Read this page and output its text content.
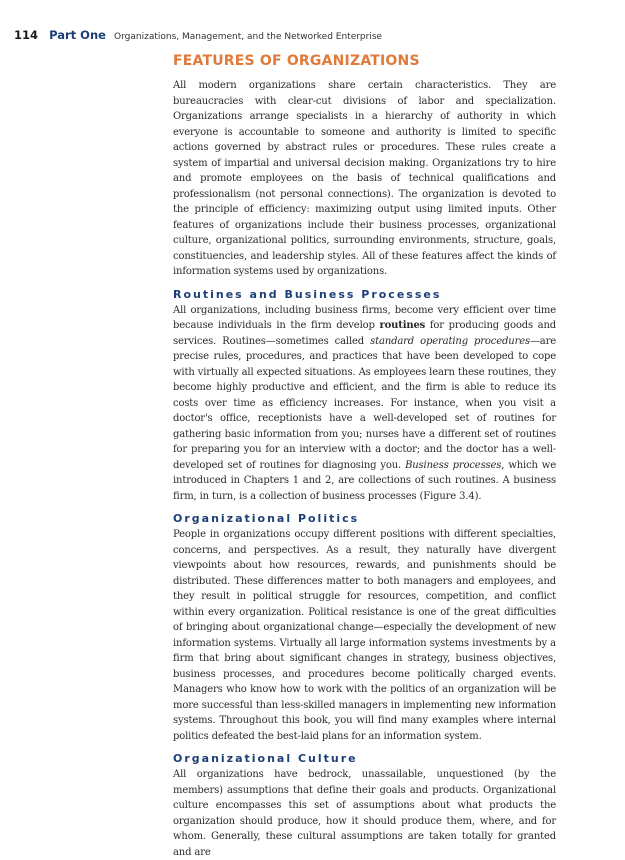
114 Part One Organizations, Management, and the Networked Enterprise
FEATURES OF ORGANIZATIONS

All modern organizations share certain characteristics. They are bureaucracies with clear-cut divisions of labor and specialization. Organizations arrange specialists in a hierarchy of authority in which everyone is accountable to someone and authority is limited to specific actions governed by abstract rules or procedures. These rules create a system of impartial and universal decision making. Organizations try to hire and promote employees on the basis of technical qualifications and professionalism (not personal connections). The organization is devoted to the principle of efficiency: maximizing output using limited inputs. Other features of organizations include their business processes, organizational culture, organizational politics, surrounding environments, structure, goals, constituencies, and leadership styles. All of these features affect the kinds of information systems used by organizations.

Routines and Business Processes

All organizations, including business firms, become very efficient over time because individuals in the firm develop routines for producing goods and services. Routines—sometimes called standard operating procedures—are precise rules, procedures, and practices that have been developed to cope with virtually all expected situations. As employees learn these routines, they become highly productive and efficient, and the firm is able to reduce its costs over time as efficiency increases. For instance, when you visit a doctor's office, receptionists have a well-developed set of routines for gathering basic information from you; nurses have a different set of routines for preparing you for an interview with a doctor; and the doctor has a well-developed set of routines for diagnosing you. Business processes, which we introduced in Chapters 1 and 2, are collections of such routines. A business firm, in turn, is a collection of business processes (Figure 3.4).

Organizational Politics

People in organizations occupy different positions with different specialties, concerns, and perspectives. As a result, they naturally have divergent viewpoints about how resources, rewards, and punishments should be distributed. These differences matter to both managers and employees, and they result in political struggle for resources, competition, and conflict within every organization. Political resistance is one of the great difficulties of bringing about organizational change—especially the development of new information systems. Virtually all large information systems investments by a firm that bring about significant changes in strategy, business objectives, business processes, and procedures become politically charged events. Managers who know how to work with the politics of an organization will be more successful than less-skilled managers in implementing new information systems. Throughout this book, you will find many examples where internal politics defeated the best-laid plans for an information system.

Organizational Culture

All organizations have bedrock, unassailable, unquestioned (by the members) assumptions that define their goals and products. Organizational culture encompasses this set of assumptions about what products the organization should produce, how it should produce them, where, and for whom. Generally, these cultural assumptions are taken totally for granted and are
